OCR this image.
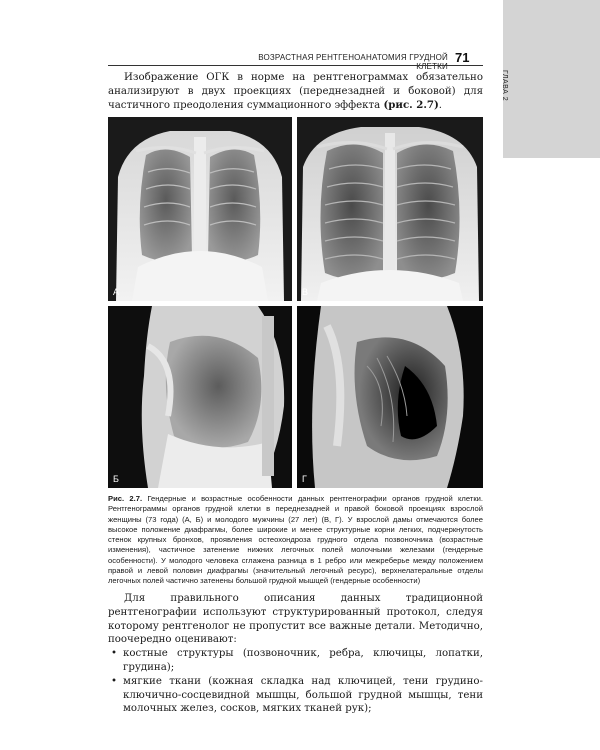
ГЛАВА 2
ВОЗРАСТНАЯ РЕНТГЕНОАНАТОМИЯ ГРУДНОЙ КЛЕТКИ
71
Изображение ОГК в норме на рентгенограммах обязательно анализируют в двух проекциях (переднезадней и боковой) для частичного преодоления суммационного эффекта (рис. 2.7).
А	В
Б	Г
Рис. 2.7. Гендерные и возрастные особенности данных рентгенографии органов грудной клетки. Рентгенограммы органов грудной клетки в переднезадней и правой боковой проекциях взрослой женщины (73 года) (А, Б) и молодого мужчины (27 лет) (В, Г). У взрослой дамы отмечаются более высокое положение диафрагмы, более широкие и менее структурные корни легких, подчеркнутость стенок крупных бронхов, проявления остеохондроза грудного отдела позвоночника (возрастные изменения), частичное затенение нижних легочных полей молочными железами (гендерные особенности). У молодого человека сглажена разница в 1 ребро или межреберье между положением правой и левой половин диафрагмы (значительный легочный ресурс), верхнелатеральные отделы легочных полей частично затенены большой грудной мышцей (гендерные особенности)

Для правильного описания данных традиционной рентгенографии используют структурированный протокол, следуя которому рентгенолог не пропустит все важные детали. Методично, поочередно оценивают:

• костные структуры (позвоночник, ребра, ключицы, лопатки, грудина);
• мягкие ткани (кожная складка над ключицей, тени грудино-ключично-сосцевидной мышцы, большой грудной мышцы, тени молочных желез, сосков, мягких тканей рук);
